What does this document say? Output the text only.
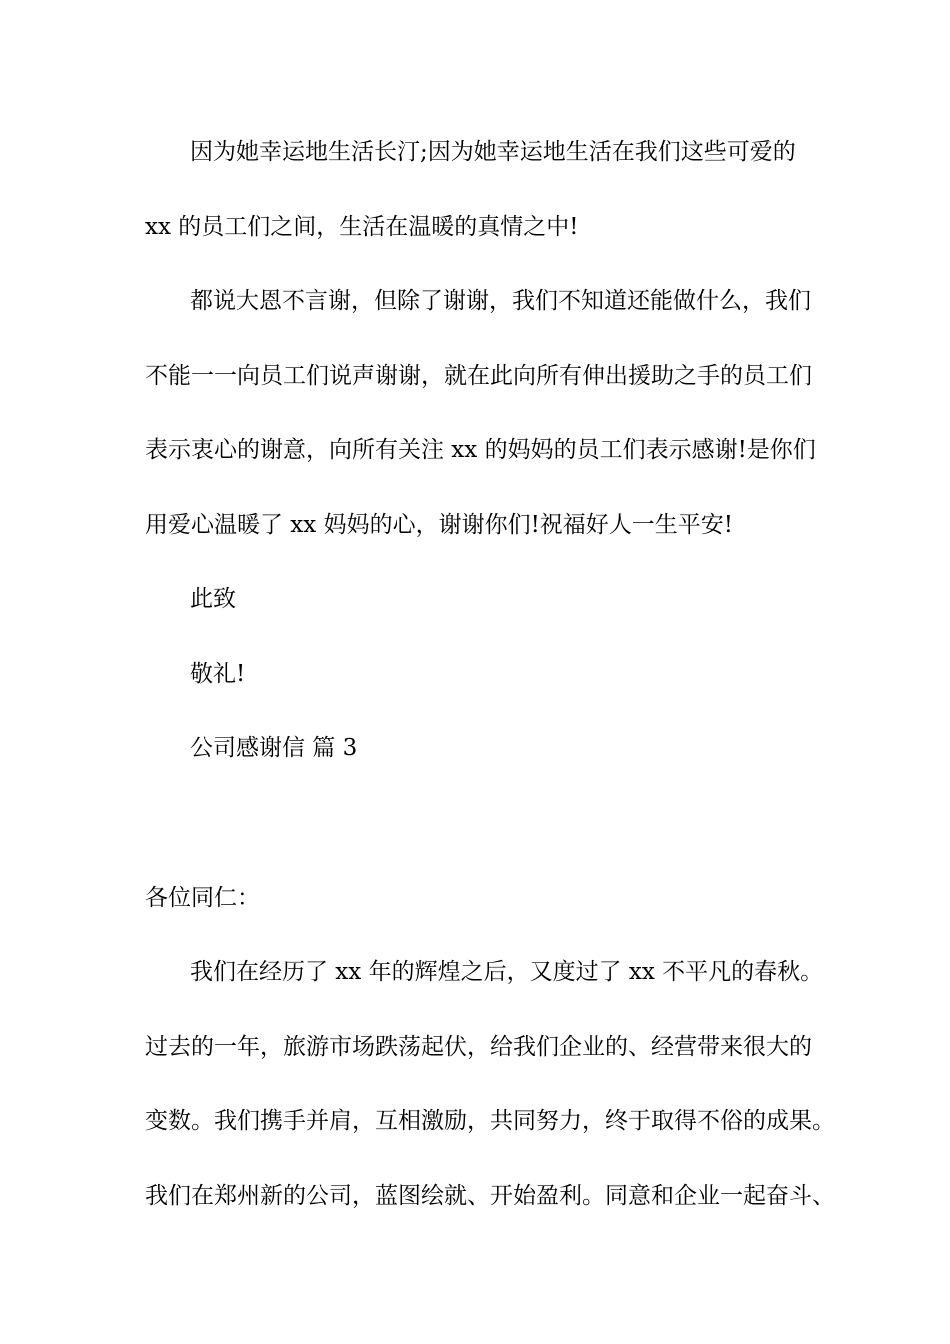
因为她幸运地生活长汀;因为她幸运地生活在我们这些可爱的
xx 的员工们之间，生活在温暖的真情之中!
都说大恩不言谢，但除了谢谢，我们不知道还能做什么，我们
不能一一向员工们说声谢谢，就在此向所有伸出援助之手的员工们
表示衷心的谢意，向所有关注 xx 的妈妈的员工们表示感谢!是你们
用爱心温暖了 xx 妈妈的心，谢谢你们!祝福好人一生平安!
此致
敬礼!
公司感谢信 篇 3
各位同仁：
我们在经历了 xx 年的辉煌之后，又度过了 xx 不平凡的春秋。
过去的一年，旅游市场跌荡起伏，给我们企业的、经营带来很大的
变数。我们携手并肩，互相激励，共同努力，终于取得不俗的成果。
我们在郑州新的公司，蓝图绘就、开始盈利。同意和企业一起奋斗、
